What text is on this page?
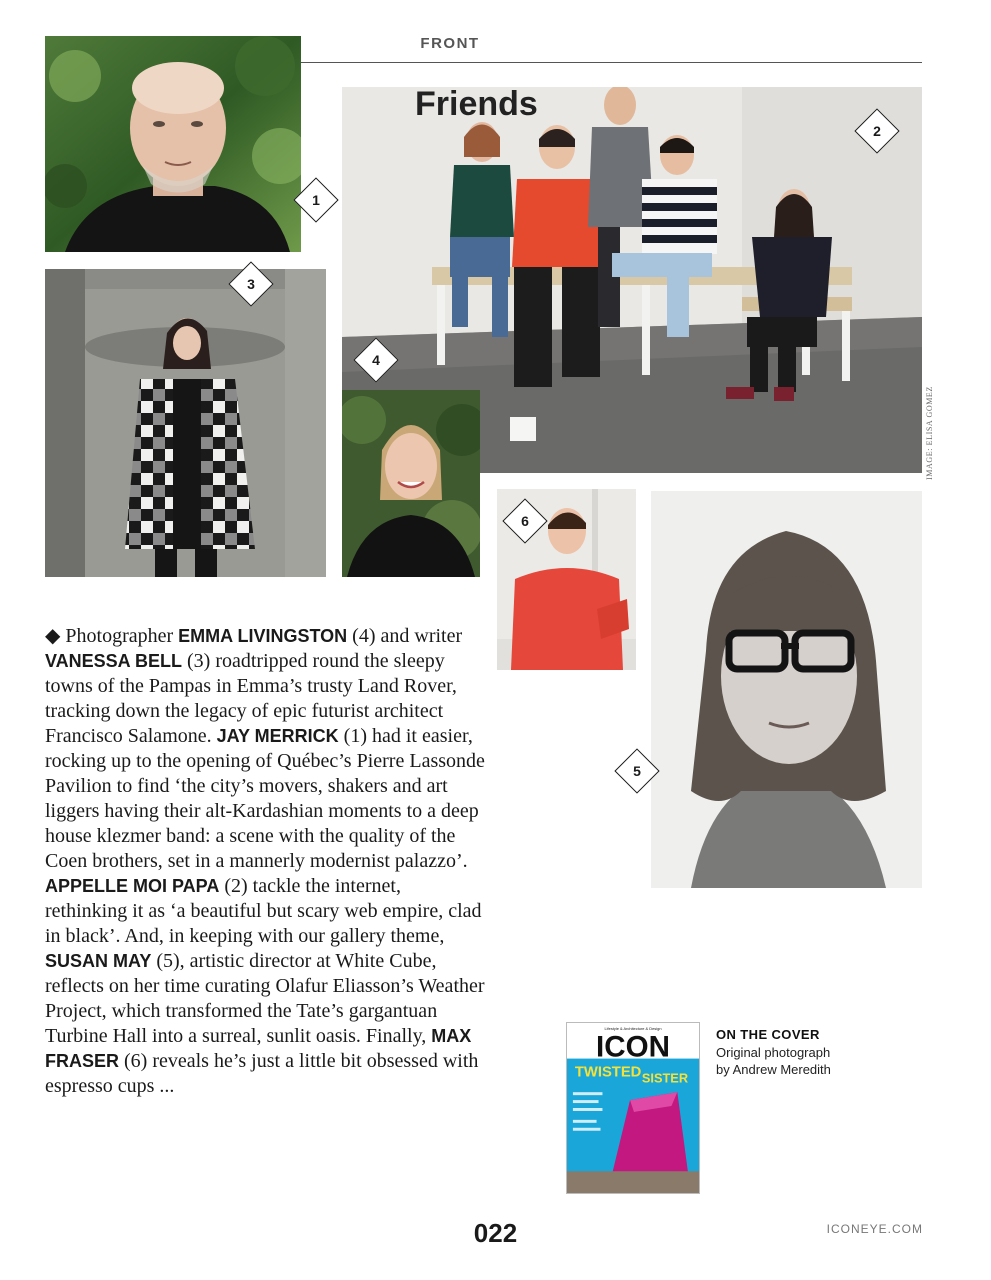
FRONT
Friends
IMAGE: ELISA GOMEZ
1
2
3
4
5
6
◆ Photographer EMMA LIVINGSTON (4) and writer VANESSA BELL (3) roadtripped round the sleepy towns of the Pampas in Emma’s trusty Land Rover, tracking down the legacy of epic futurist architect Francisco Salamone. JAY MERRICK (1) had it easier, rocking up to the opening of Québec’s Pierre Lassonde Pavilion to find ‘the city’s movers, shakers and art liggers having their alt-Kardashian moments to a deep house klezmer band: a scene with the quality of the Coen brothers, set in a mannerly modernist palazzo’. APPELLE MOI PAPA (2) tackle the internet, rethinking it as ‘a beautiful but scary web empire, clad in black’. And, in keeping with our gallery theme, SUSAN MAY (5), artistic director at White Cube, reflects on her time curating Olafur Eliasson’s Weather Project, which transformed the Tate’s gargantuan Turbine Hall into a surreal, sunlit oasis. Finally, MAX FRASER (6) reveals he’s just a little bit obsessed with espresso cups ...
Lifestyle & Architecture & Design
ICON
TWISTED SISTER
ON THE COVER
Original photograph
by Andrew Meredith
022	ICONEYE.COM
